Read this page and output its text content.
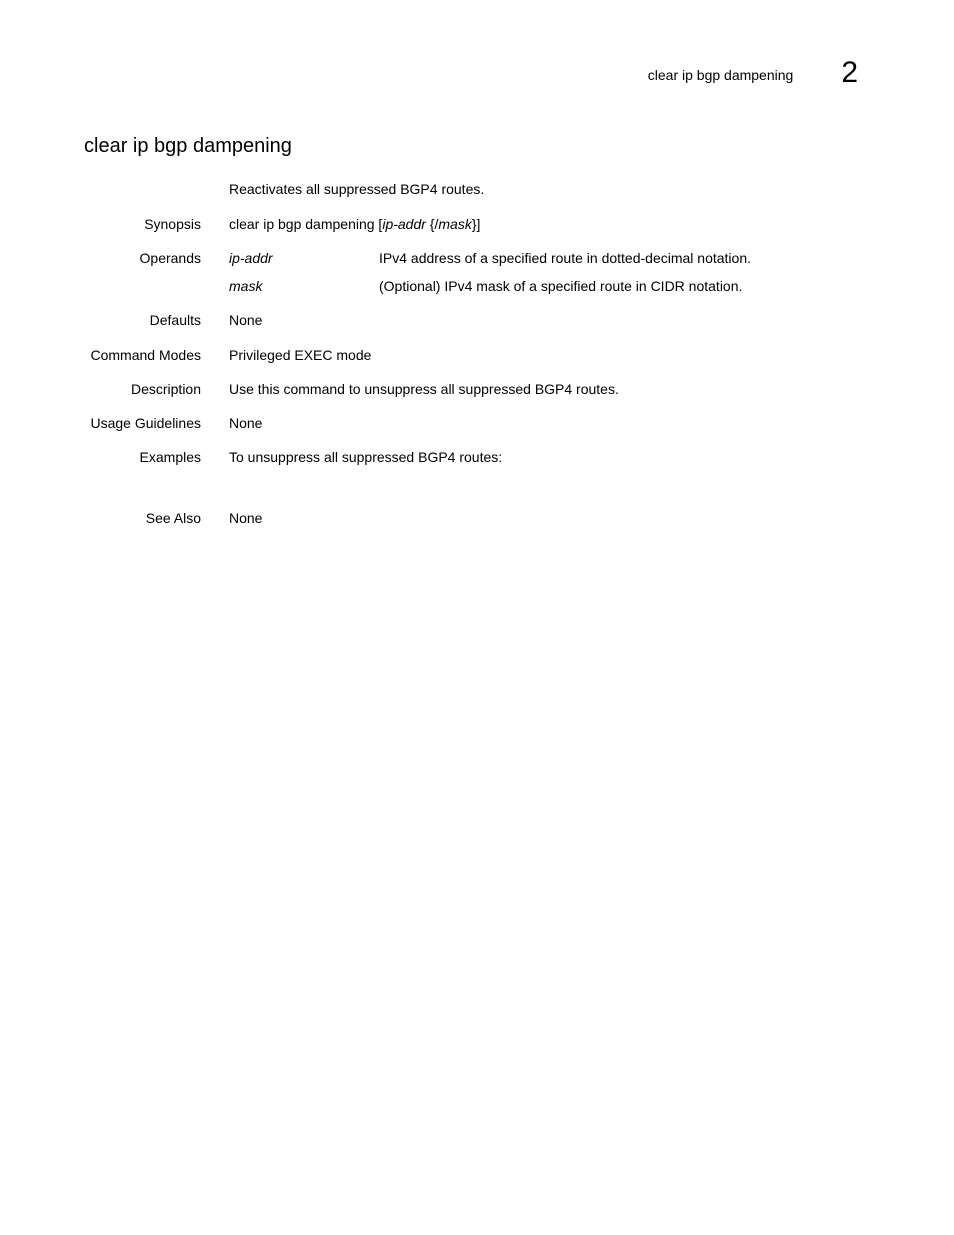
clear ip bgp dampening 2
clear ip bgp dampening
Reactivates all suppressed BGP4 routes.
Synopsis clear ip bgp dampening [ip-addr {/mask}]
Operands ip-addr	IPv4 address of a specified route in dotted-decimal notation.
mask	(Optional) IPv4 mask of a specified route in CIDR notation.
Defaults None
Command Modes Privileged EXEC mode
Description Use this command to unsuppress all suppressed BGP4 routes.
Usage Guidelines None
Examples To unsuppress all suppressed BGP4 routes:
See Also None
